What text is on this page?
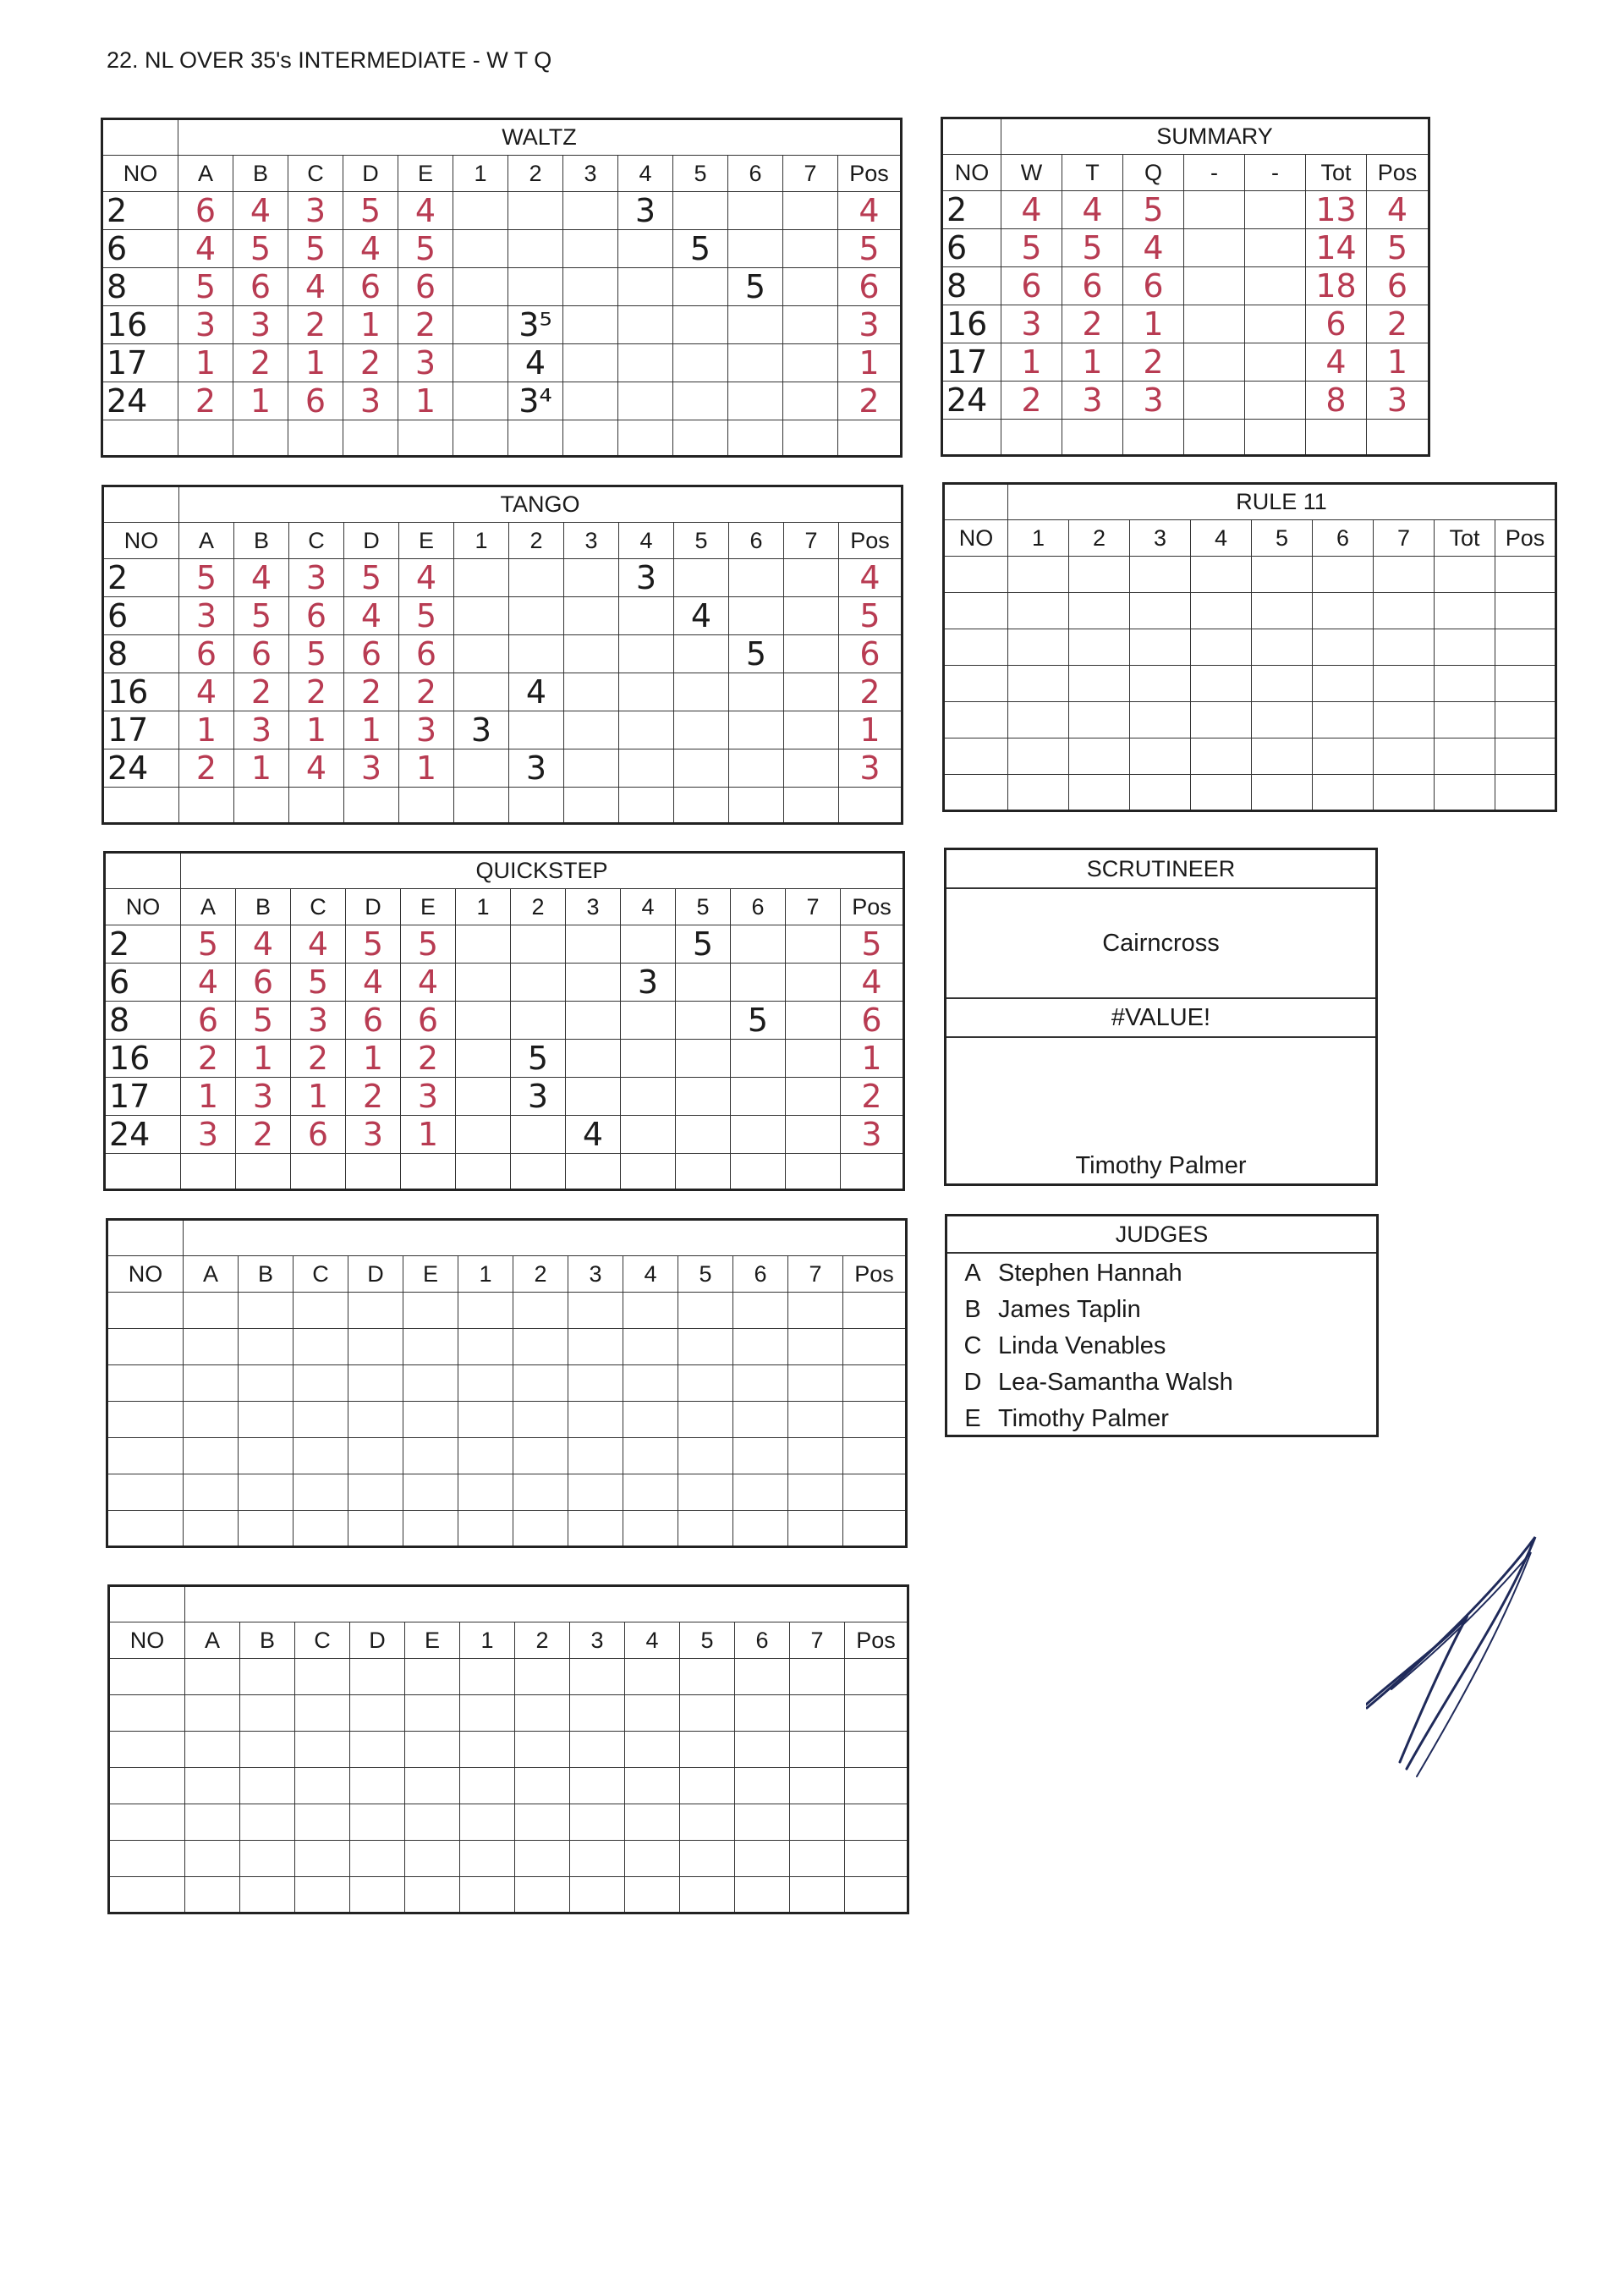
22. NL OVER 35's INTERMEDIATE - W T Q
	WALTZ												
NO	A	B	C	D	E	1	2	3	4	5	6	7	Pos
2	6	4	3	5	4				3				4
6	4	5	5	4	5					5			5
8	5	6	4	6	6						5		6
16	3	3	2	1	2		3⁵						3
17	1	2	1	2	3		4						1
24	2	1	6	3	1		3⁴						2

	TANGO												
NO	A	B	C	D	E	1	2	3	4	5	6	7	Pos
2	5	4	3	5	4				3				4
6	3	5	6	4	5					4			5
8	6	6	5	6	6						5		6
16	4	2	2	2	2		4						2
17	1	3	1	1	3	3							1
24	2	1	4	3	1		3						3

	QUICKSTEP												
NO	A	B	C	D	E	1	2	3	4	5	6	7	Pos
2	5	4	4	5	5					5			5
6	4	6	5	4	4				3				4
8	6	5	3	6	6						5		6
16	2	1	2	1	2		5						1
17	1	3	1	2	3		3						2
24	3	2	6	3	1			4					3

NO	A	B	C	D	E	1	2	3	4	5	6	7	Pos

NO	A	B	C	D	E	1	2	3	4	5	6	7	Pos

	SUMMARY						
NO	W	T	Q	-	-	Tot	Pos
2	4	4	5			13	4
6	5	5	4			14	5
8	6	6	6			18	6
16	3	2	1			6	2
17	1	1	2			4	1
24	2	3	3			8	3

	RULE 11								
NO	1	2	3	4	5	6	7	Tot	Pos

SCRUTINEER
Cairncross
#VALUE!
Timothy Palmer
JUDGES
A Stephen Hannah
B James Taplin
C Linda Venables
D Lea-Samantha Walsh
E Timothy Palmer
